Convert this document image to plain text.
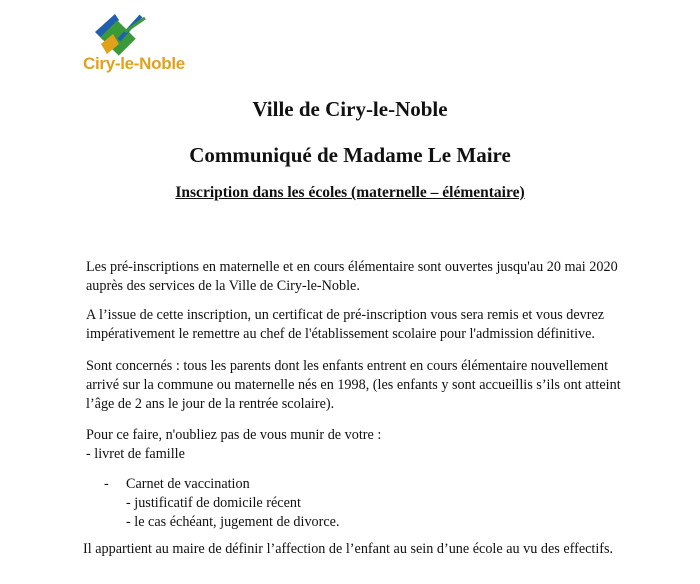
Ciry-le-Noble
Ville de Ciry-le-Noble
Communiqué de Madame Le Maire
Inscription dans les écoles (maternelle – élémentaire)

Les pré-inscriptions en maternelle et en cours élémentaire sont ouvertes jusqu'au 20 mai 2020

auprès des services de la Ville de Ciry-le-Noble.

A l’issue de cette inscription, un certificat de pré-inscription vous sera remis et vous devrez

impérativement le remettre au chef de l'établissement scolaire pour l'admission définitive.

Sont concernés : tous les parents dont les enfants entrent en cours élémentaire nouvellement

arrivé sur la commune ou maternelle nés en 1998, (les enfants y sont accueillis s’ils ont atteint

l’âge de 2 ans le jour de la rentrée scolaire).

Pour ce faire, n'oubliez pas de vous munir de votre :

- livret de famille

-	Carnet de vaccination
- justificatif de domicile récent
- le cas échéant, jugement de divorce.
Il appartient au maire de définir l’affection de l’enfant au sein d’une école au vu des effectifs.
